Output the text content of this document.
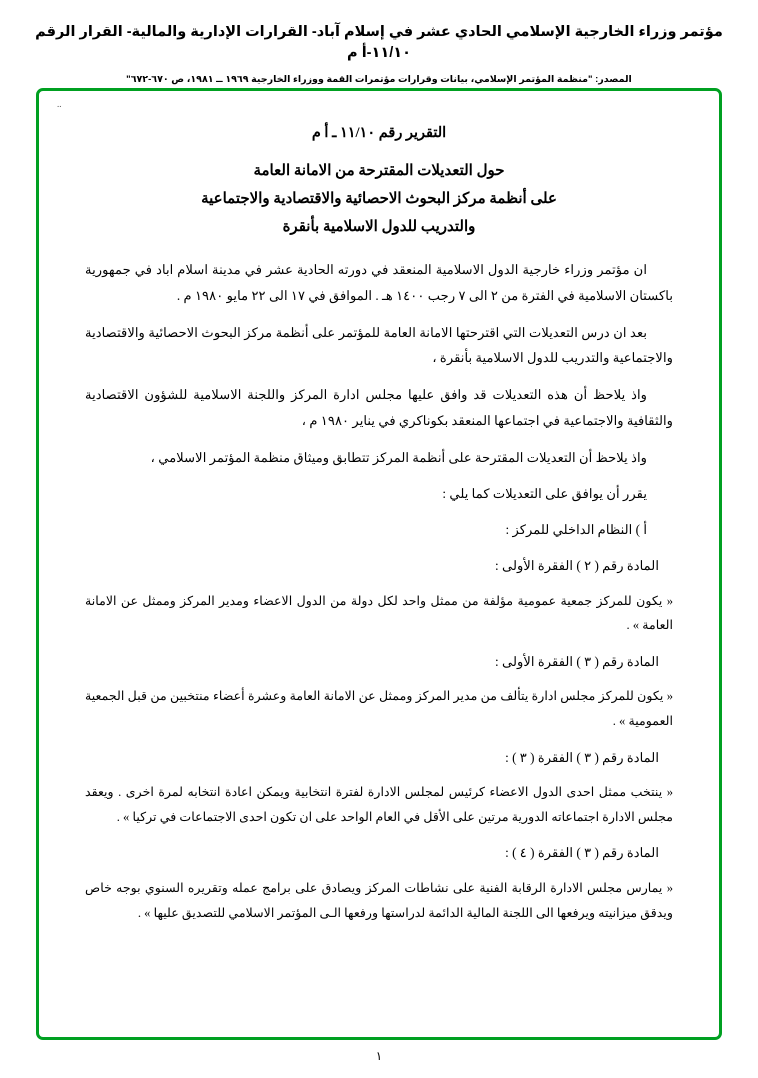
مؤتمر وزراء الخارجية الإسلامي الحادي عشر في إسلام آباد- القرارات الإدارية والمالية- القرار الرقم ١١/١٠-أ م
المصدر: "منظمة المؤتمر الإسلامي، بيانات وقرارات مؤتمرات القمة ووزراء الخارجية ١٩٦٩ ــ ١٩٨١، ص ٦٧٠-٦٧٢"
..
التقرير رقم ١١/١٠ ـ أ م
حول التعديلات المقترحة من الامانة العامة
على أنظمة مركز البحوث الاحصائية والاقتصادية والاجتماعية
والتدريب للدول الاسلامية بأنقرة

ان مؤتمر وزراء خارجية الدول الاسلامية المنعقد في دورته الحادية عشر في مدينة اسلام اباد في جمهورية باكستان الاسلامية في الفترة من ٢ الى ٧ رجب ١٤٠٠ هـ . الموافق في ١٧ الى ٢٢ مايو ١٩٨٠ م .

بعد ان درس التعديلات التي اقترحتها الامانة العامة للمؤتمر على أنظمة مركز البحوث الاحصائية والاقتصادية والاجتماعية والتدريب للدول الاسلامية بأنقرة ،

واذ يلاحظ أن هذه التعديلات قد وافق عليها مجلس ادارة المركز واللجنة الاسلامية للشؤون الاقتصادية والثقافية والاجتماعية في اجتماعها المنعقد بكوناكري في يناير ١٩٨٠ م ،

واذ يلاحظ أن التعديلات المقترحة على أنظمة المركز تتطابق وميثاق منظمة المؤتمر الاسلامي ،

يقرر أن يوافق على التعديلات كما يلي :

أ ) النظام الداخلي للمركز :

المادة رقم ( ٢ ) الفقرة الأولى :

« يكون للمركز جمعية عمومية مؤلفة من ممثل واحد لكل دولة من الدول الاعضاء ومدير المركز وممثل عن الامانة العامة » .

المادة رقم ( ٣ ) الفقرة الأولى :

« يكون للمركز مجلس ادارة يتألف من مدير المركز وممثل عن الامانة العامة وعشرة أعضاء منتخبين من قبل الجمعية العمومية » .

المادة رقم ( ٣ ) الفقرة ( ٣ ) :

« ينتخب ممثل احدى الدول الاعضاء كرئيس لمجلس الادارة لفترة انتخابية ويمكن اعادة انتخابه لمرة اخرى . ويعقد مجلس الادارة اجتماعاته الدورية مرتين على الأقل في العام الواحد على ان تكون احدى الاجتماعات في تركيا » .

المادة رقم ( ٣ ) الفقرة ( ٤ ) :

« يمارس مجلس الادارة الرقابة الفنية على نشاطات المركز ويصادق على برامج عمله وتقريره السنوي بوجه خاص ويدقق ميزانيته ويرفعها الى اللجنة المالية الدائمة لدراستها ورفعها الـى المؤتمر الاسلامي للتصديق عليها » .

١
